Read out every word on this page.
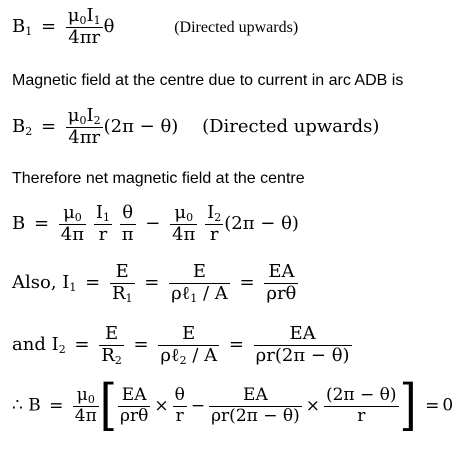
$B_1 = \frac{\mu_0I_1}{4\pi r}$ θ	(Directed upwards)
Magnetic field at the centre due to current in arc ADB is
$B_2 = \frac{\mu_0I_2}{4\pi r} (2\pi - \theta)$ (Directed upwards)
Therefore net magnetic field at the centre
$B = \frac{\mu_0}{4\pi}$
$\frac{I_1}{r}$
$\frac{\theta}{\pi} - \frac{\mu_0}{4\pi}$
$\frac{I_2}{r} (2\pi - \theta)$
Also, $I_1 = \frac{E}{R_1} = \frac{E}{\rho\ell_1 / A} = \frac{EA}{\text{ρrθ}}$
and $I_2 = \frac{E}{R_2} = \frac{E}{\rho\ell_2 / A} = \frac{EA}{\rho r(2\pi - \theta)}$
∴ $B = \frac{\mu_0}{4\pi}$ [ $\frac{EA}{\text{ρrθ}} \times \frac{\theta}{r} - \frac{EA}{\rho r(2\pi - \theta)} \times \frac{(2\pi - \theta)}{r}$ ] = 0
